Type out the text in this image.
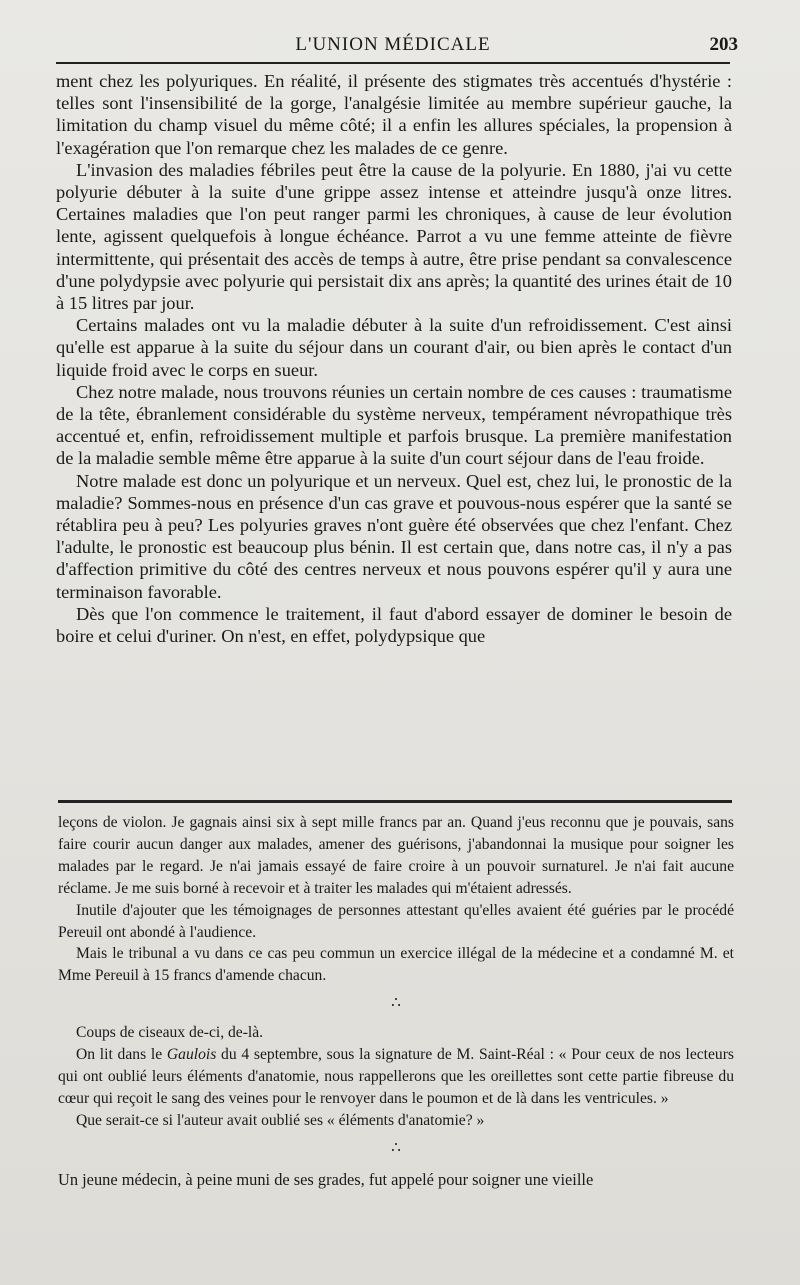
L'UNION MÉDICALE	203

ment chez les polyuriques. En réalité, il présente des stigmates très accentués d'hystérie : telles sont l'insensibilité de la gorge, l'analgésie limitée au membre supérieur gauche, la limitation du champ visuel du même côté; il a enfin les allures spéciales, la propension à l'exagération que l'on remarque chez les malades de ce genre.

L'invasion des maladies fébriles peut être la cause de la polyurie. En 1880, j'ai vu cette polyurie débuter à la suite d'une grippe assez intense et atteindre jusqu'à onze litres. Certaines maladies que l'on peut ranger parmi les chroniques, à cause de leur évolution lente, agissent quelquefois à longue échéance. Parrot a vu une femme atteinte de fièvre intermittente, qui présentait des accès de temps à autre, être prise pendant sa convalescence d'une polydypsie avec polyurie qui persistait dix ans après; la quantité des urines était de 10 à 15 litres par jour.

Certains malades ont vu la maladie débuter à la suite d'un refroidissement. C'est ainsi qu'elle est apparue à la suite du séjour dans un courant d'air, ou bien après le contact d'un liquide froid avec le corps en sueur.

Chez notre malade, nous trouvons réunies un certain nombre de ces causes : traumatisme de la tête, ébranlement considérable du système nerveux, tempérament névropathique très accentué et, enfin, refroidissement multiple et parfois brusque. La première manifestation de la maladie semble même être apparue à la suite d'un court séjour dans de l'eau froide.

Notre malade est donc un polyurique et un nerveux. Quel est, chez lui, le pronostic de la maladie? Sommes-nous en présence d'un cas grave et pouvous-nous espérer que la santé se rétablira peu à peu? Les polyuries graves n'ont guère été observées que chez l'enfant. Chez l'adulte, le pronostic est beaucoup plus bénin. Il est certain que, dans notre cas, il n'y a pas d'affection primitive du côté des centres nerveux et nous pouvons espérer qu'il y aura une terminaison favorable.

Dès que l'on commence le traitement, il faut d'abord essayer de dominer le besoin de boire et celui d'uriner. On n'est, en effet, polydypsique que

leçons de violon. Je gagnais ainsi six à sept mille francs par an. Quand j'eus reconnu que je pouvais, sans faire courir aucun danger aux malades, amener des guérisons, j'abandonnai la musique pour soigner les malades par le regard. Je n'ai jamais essayé de faire croire à un pouvoir surnaturel. Je n'ai fait aucune réclame. Je me suis borné à recevoir et à traiter les malades qui m'étaient adressés.

Inutile d'ajouter que les témoignages de personnes attestant qu'elles avaient été guéries par le procédé Pereuil ont abondé à l'audience.

Mais le tribunal a vu dans ce cas peu commun un exercice illégal de la médecine et a condamné M. et Mme Pereuil à 15 francs d'amende chacun.

∴

Coups de ciseaux de-ci, de-là.

On lit dans le Gaulois du 4 septembre, sous la signature de M. Saint-Réal : « Pour ceux de nos lecteurs qui ont oublié leurs éléments d'anatomie, nous rappellerons que les oreillettes sont cette partie fibreuse du cœur qui reçoit le sang des veines pour le renvoyer dans le poumon et de là dans les ventricules. »

Que serait-ce si l'auteur avait oublié ses « éléments d'anatomie? »

∴

Un jeune médecin, à peine muni de ses grades, fut appelé pour soigner une vieille
